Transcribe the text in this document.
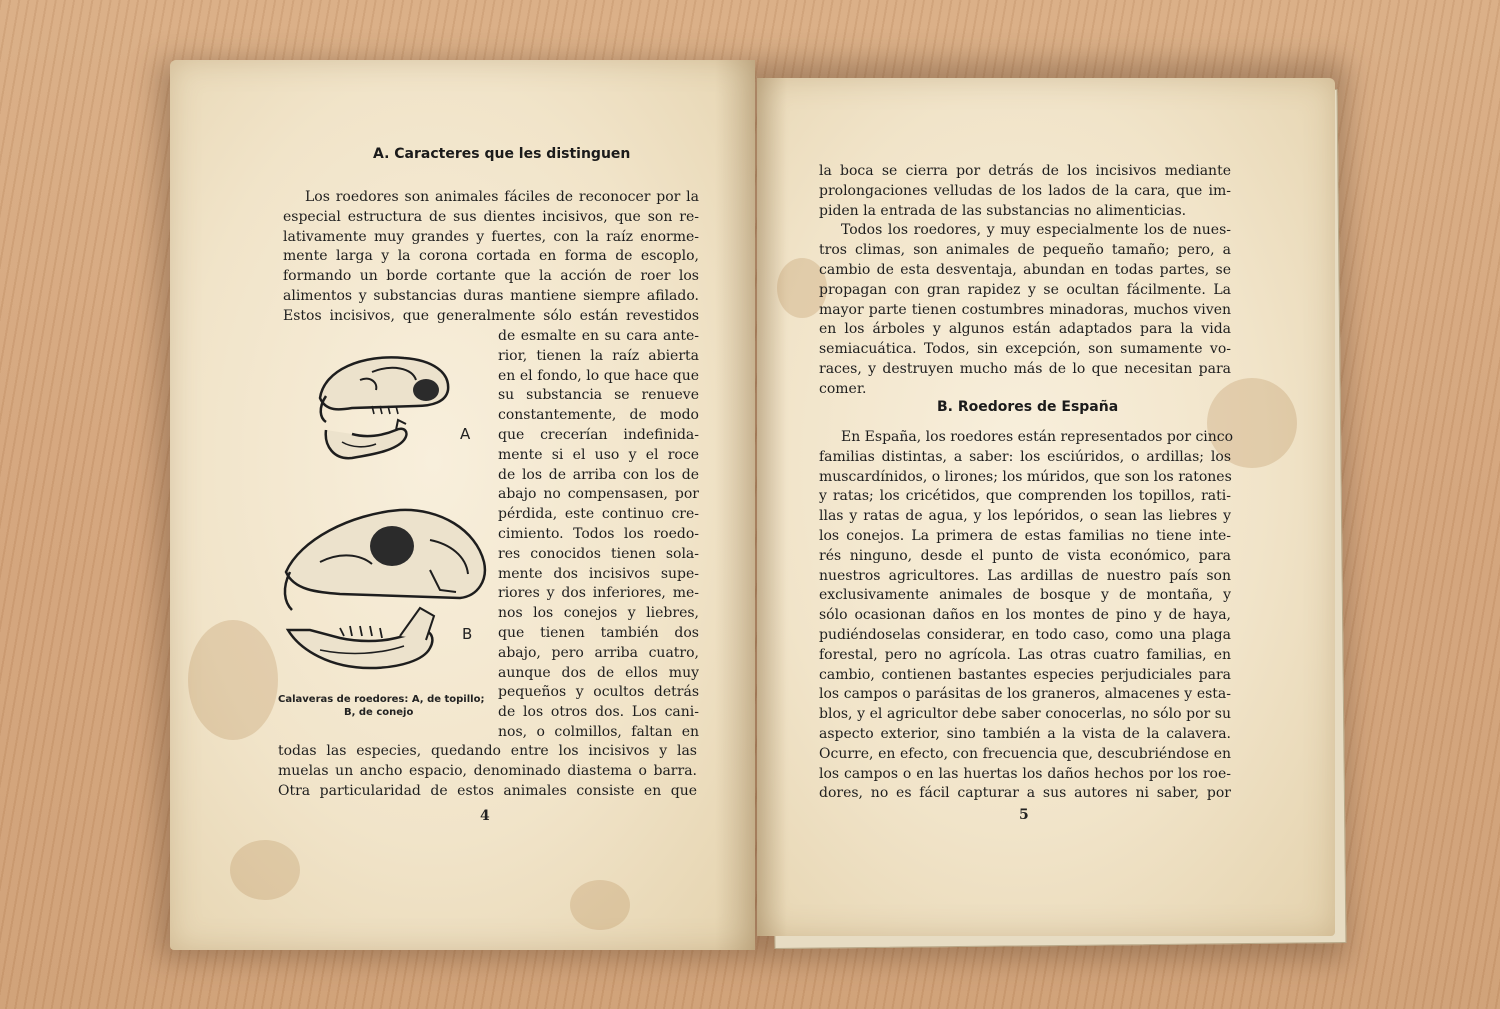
A. Caracteres que les distinguen
Los roedores son animales fáciles de reconocer por la
especial estructura de sus dientes incisivos, que son re-
lativamente muy grandes y fuertes, con la raíz enorme-
mente larga y la corona cortada en forma de escoplo,
formando un borde cortante que la acción de roer los
alimentos y substancias duras mantiene siempre afilado.
Estos incisivos, que generalmente sólo están revestidos
de esmalte en su cara ante-
rior, tienen la raíz abierta
en el fondo, lo que hace que
su substancia se renueve
constantemente, de modo
que crecerían indefinida-
mente si el uso y el roce
de los de arriba con los de
abajo no compensasen, por
pérdida, este continuo cre-
cimiento. Todos los roedo-
res conocidos tienen sola-
mente dos incisivos supe-
riores y dos inferiores, me-
nos los conejos y liebres,
que tienen también dos
abajo, pero arriba cuatro,
aunque dos de ellos muy
pequeños y ocultos detrás
de los otros dos. Los cani-
nos, o colmillos, faltan en
todas las especies, quedando entre los incisivos y las
muelas un ancho espacio, denominado diastema o barra.
Otra particularidad de estos animales consiste en que
A
B
Calaveras de roedores: A, de topillo;
B, de conejo
4
la boca se cierra por detrás de los incisivos mediante
prolongaciones velludas de los lados de la cara, que im-
piden la entrada de las substancias no alimenticias.
Todos los roedores, y muy especialmente los de nues-
tros climas, son animales de pequeño tamaño; pero, a
cambio de esta desventaja, abundan en todas partes, se
propagan con gran rapidez y se ocultan fácilmente. La
mayor parte tienen costumbres minadoras, muchos viven
en los árboles y algunos están adaptados para la vida
semiacuática. Todos, sin excepción, son sumamente vo-
races, y destruyen mucho más de lo que necesitan para
comer.
B. Roedores de España
En España, los roedores están representados por cinco
familias distintas, a saber: los esciúridos, o ardillas; los
muscardínidos, o lirones; los múridos, que son los ratones
y ratas; los cricétidos, que comprenden los topillos, rati-
llas y ratas de agua, y los lepóridos, o sean las liebres y
los conejos. La primera de estas familias no tiene inte-
rés ninguno, desde el punto de vista económico, para
nuestros agricultores. Las ardillas de nuestro país son
exclusivamente animales de bosque y de montaña, y
sólo ocasionan daños en los montes de pino y de haya,
pudiéndoselas considerar, en todo caso, como una plaga
forestal, pero no agrícola. Las otras cuatro familias, en
cambio, contienen bastantes especies perjudiciales para
los campos o parásitas de los graneros, almacenes y esta-
blos, y el agricultor debe saber conocerlas, no sólo por su
aspecto exterior, sino también a la vista de la calavera.
Ocurre, en efecto, con frecuencia que, descubriéndose en
los campos o en las huertas los daños hechos por los roe-
dores, no es fácil capturar a sus autores ni saber, por
5
